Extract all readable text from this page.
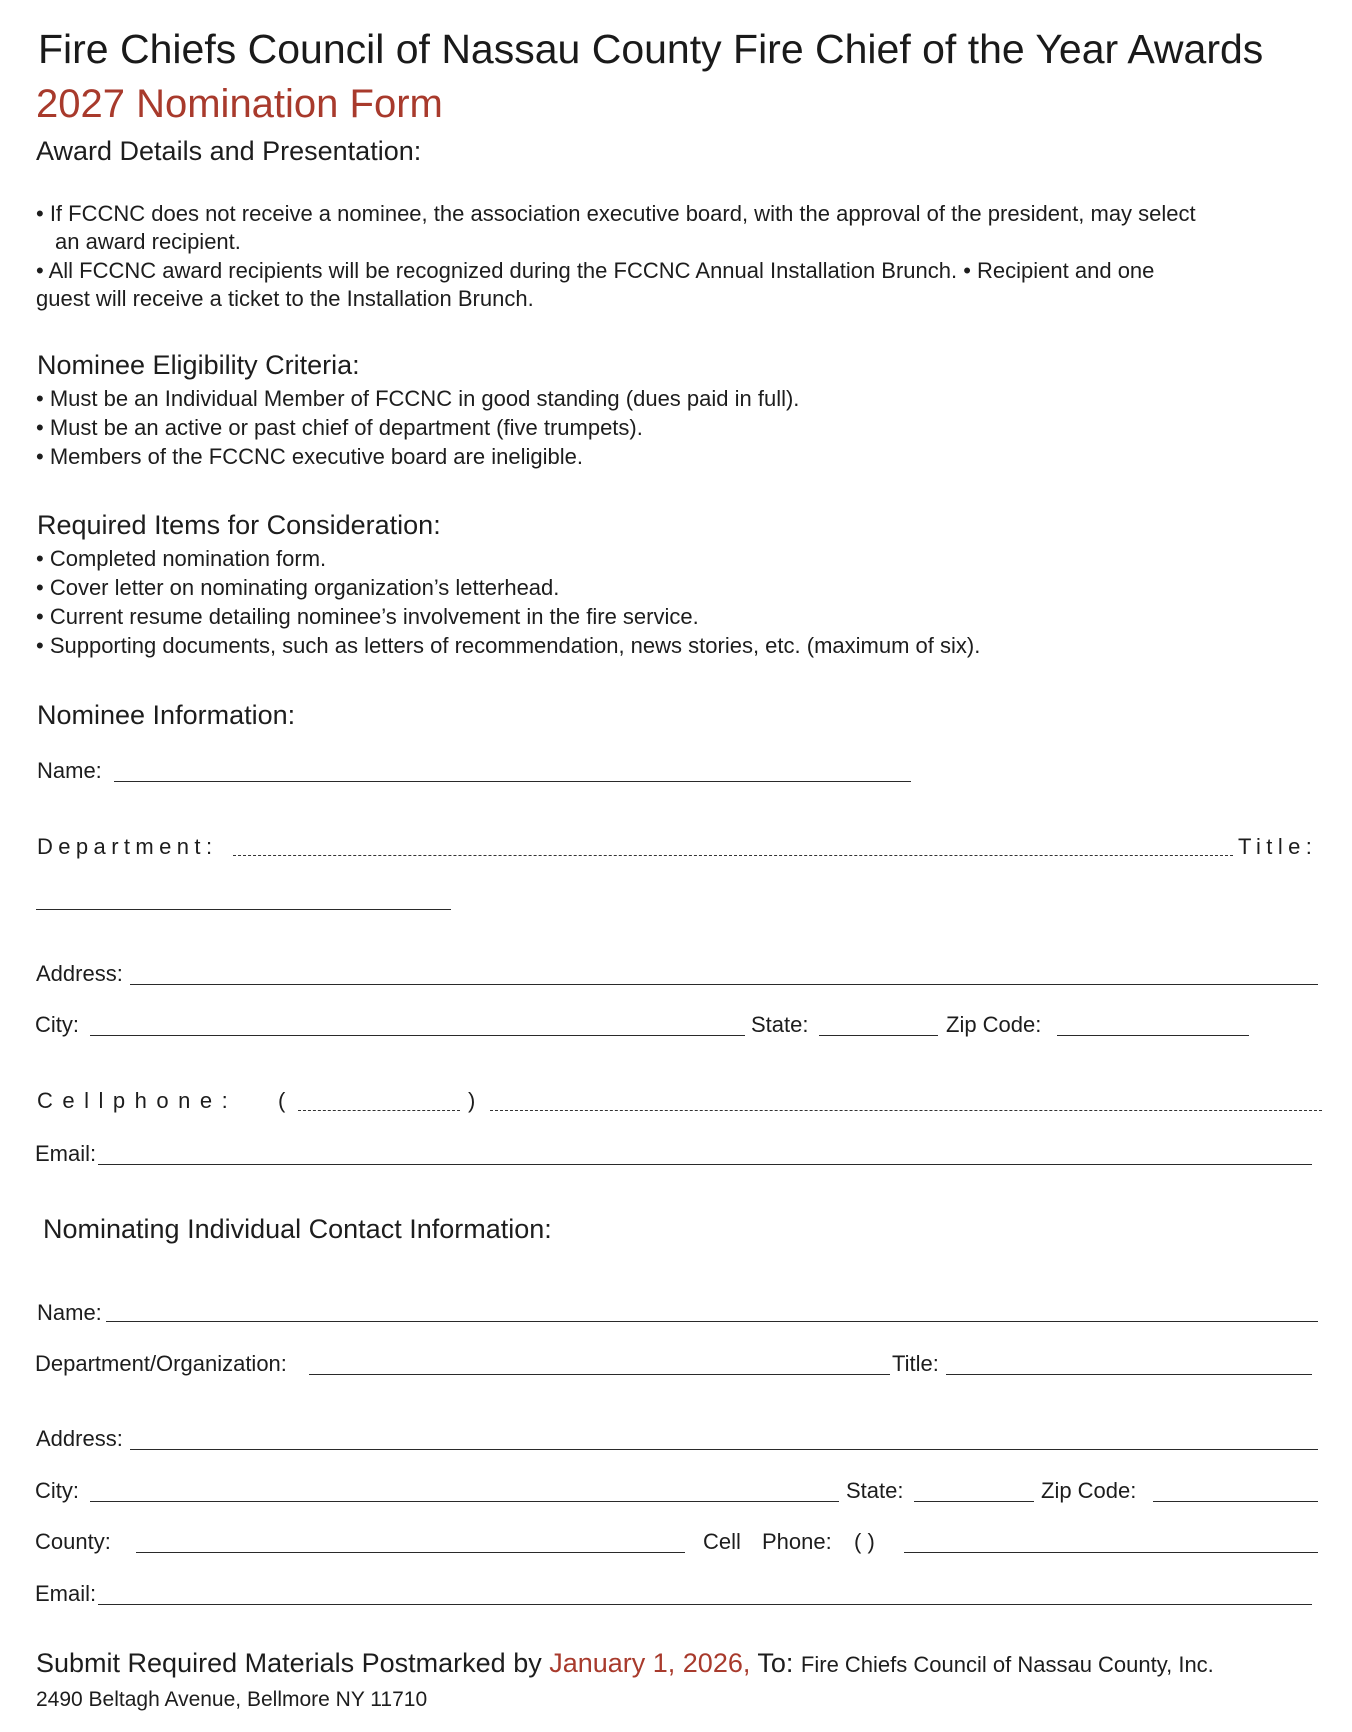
Fire Chiefs Council of Nassau County Fire Chief of the Year Awards
2027 Nomination Form
Award Details and Presentation:
• If FCCNC does not receive a nominee, the association executive board, with the approval of the president, may select
an award recipient.
• All FCCNC award recipients will be recognized during the FCCNC Annual Installation Brunch. • Recipient and one
guest will receive a ticket to the Installation Brunch.
Nominee Eligibility Criteria:
• Must be an Individual Member of FCCNC in good standing (dues paid in full).
• Must be an active or past chief of department (five trumpets).
• Members of the FCCNC executive board are ineligible.
Required Items for Consideration:
• Completed nomination form.
• Cover letter on nominating organization’s letterhead.
• Current resume detailing nominee’s involvement in the fire service.
• Supporting documents, such as letters of recommendation, news stories, etc. (maximum of six).
Nominee Information:
Name:
Department:	Title:
Address:
City:	State:	Zip Code:
Cellphone: (	)
Email:
Nominating Individual Contact Information:
Name:
Department/Organization:	Title:
Address:
City:	State:	Zip Code:
County:	Cell Phone: ( )
Email:
Submit Required Materials Postmarked by January 1, 2026, To: Fire Chiefs Council of Nassau County, Inc.
2490 Beltagh Avenue, Bellmore NY 11710
